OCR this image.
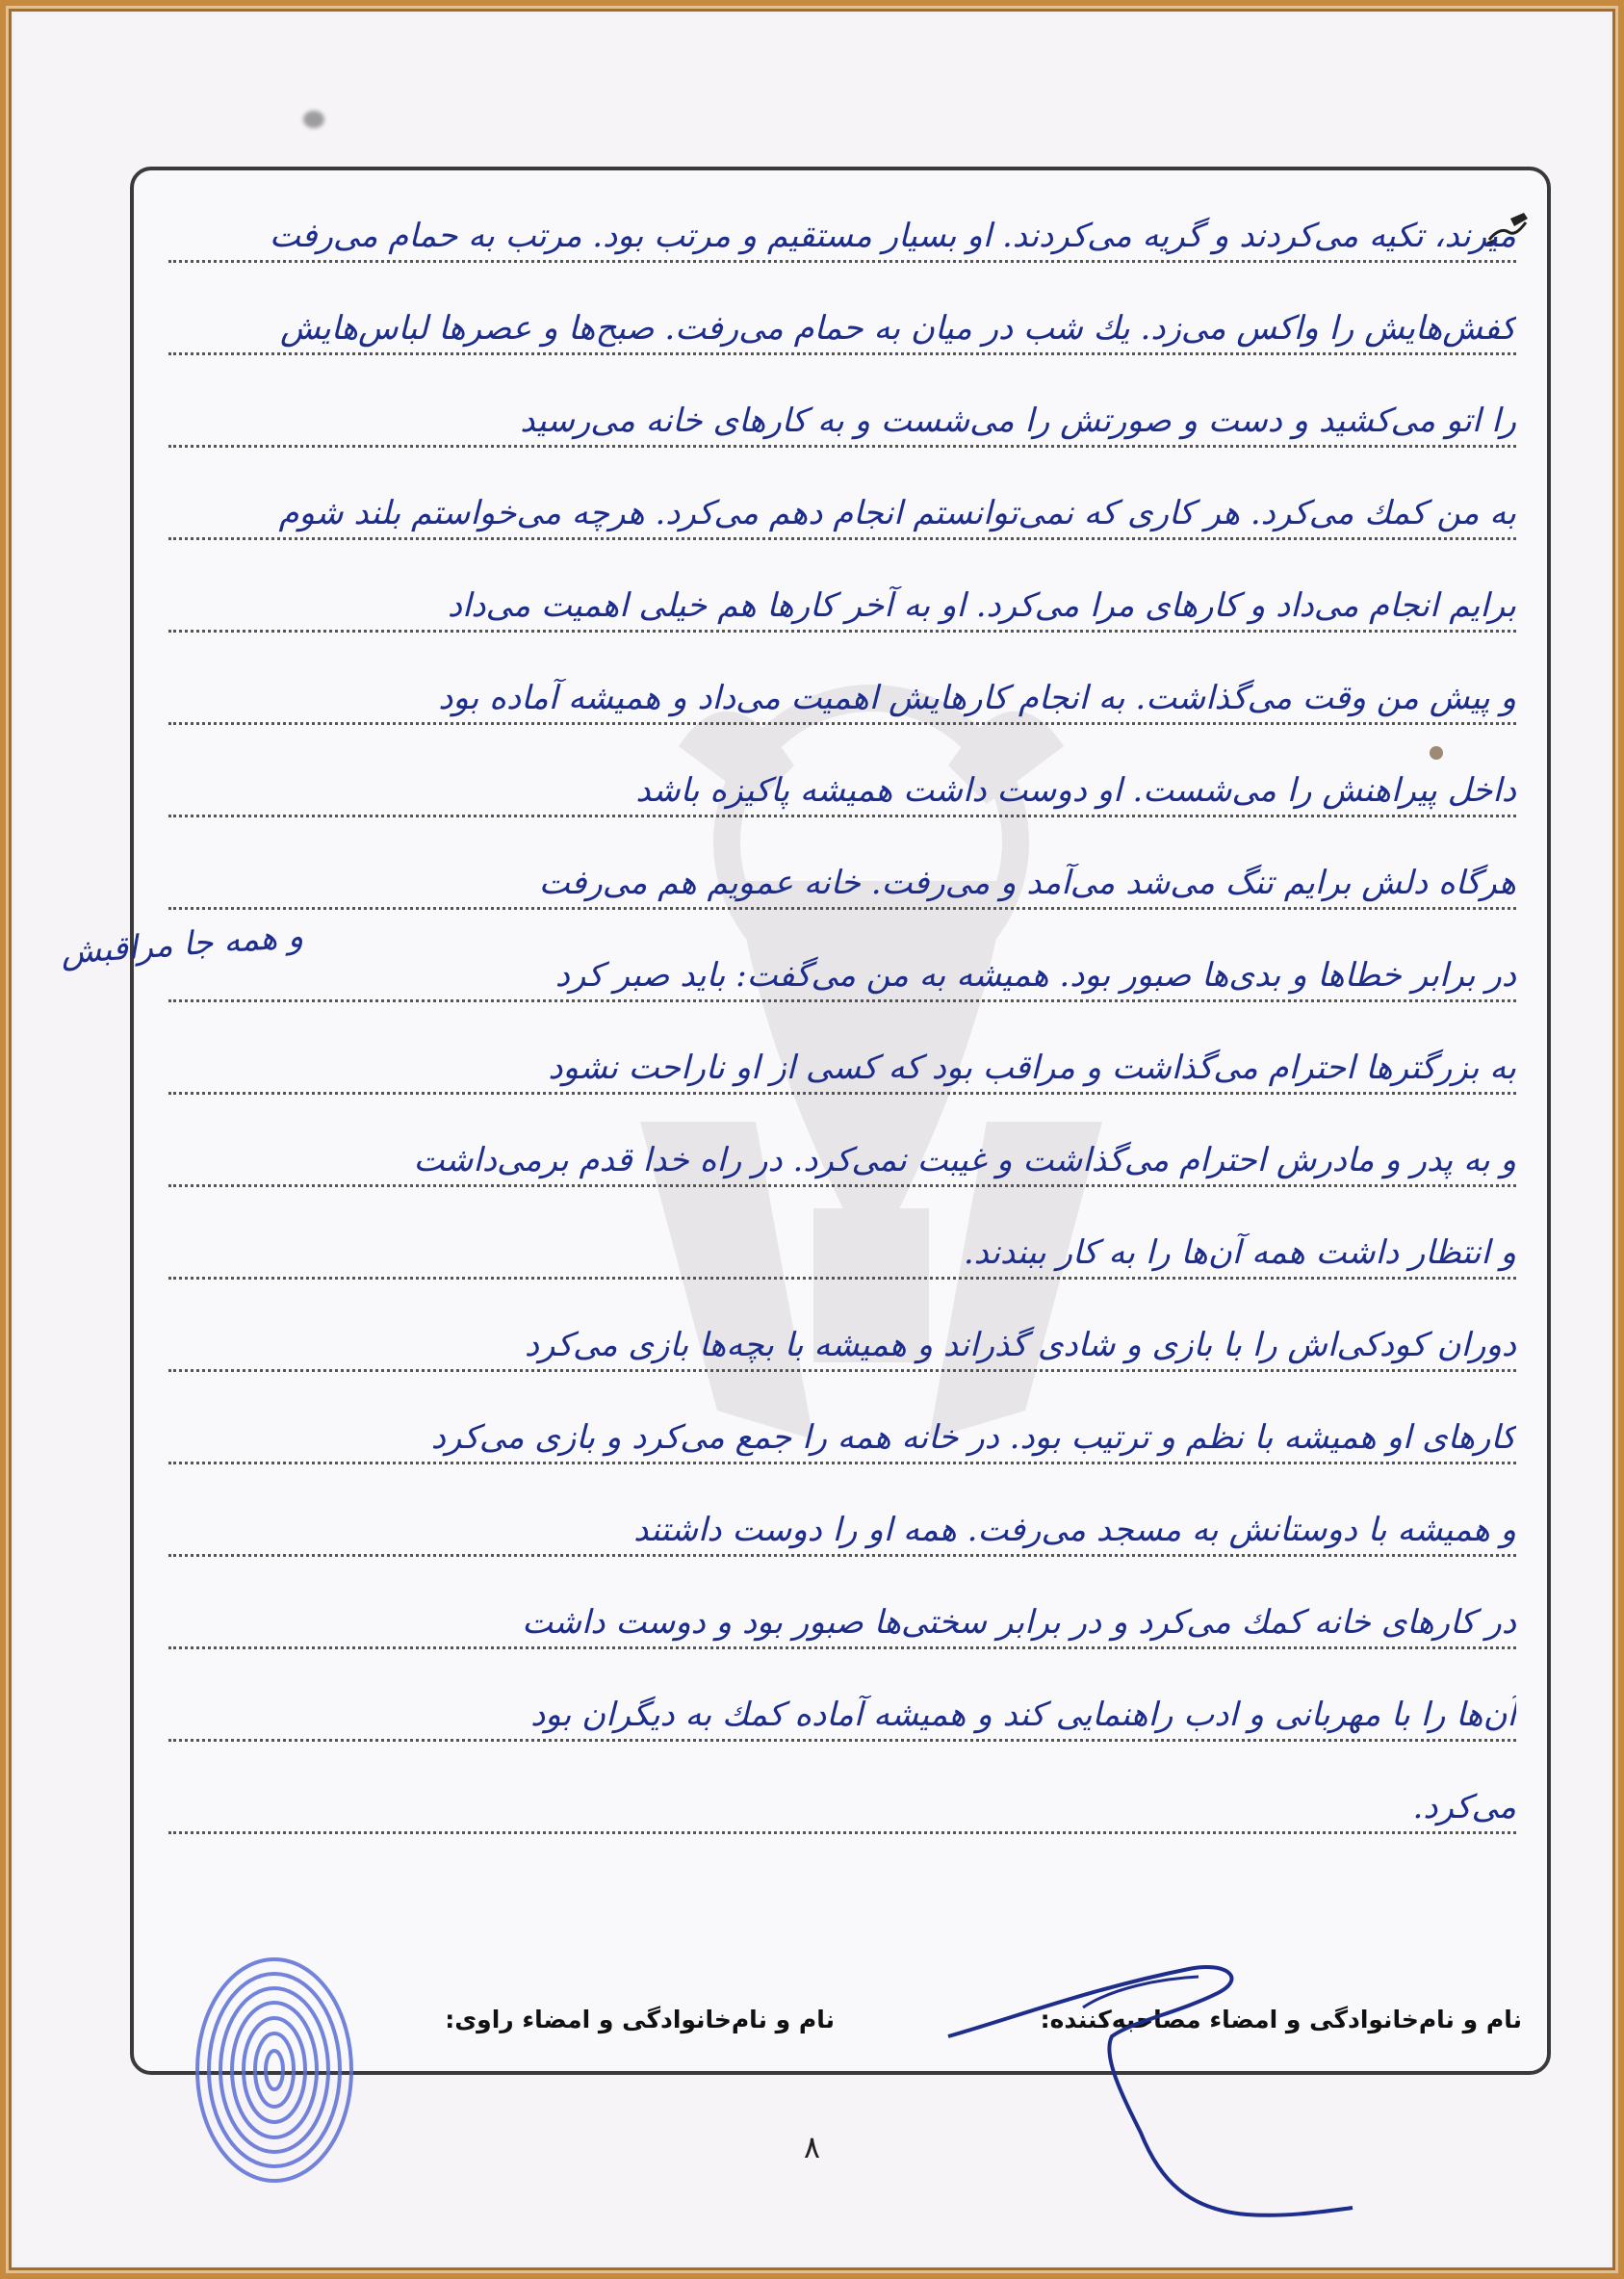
ميرند، تكيه مى‌كردند و گريه مى‌كردند. او بسيار مستقيم و مرتب بود. مرتب به حمام مى‌رفت
كفش‌هايش را واكس مى‌زد. يك شب در ميان به حمام مى‌رفت. صبح‌ها و عصرها لباس‌هايش
را اتو مى‌كشيد و دست و صورتش را مى‌شست و به كارهاى خانه مى‌رسيد
به من كمك مى‌كرد. هر كارى كه نمى‌توانستم انجام دهم مى‌كرد. هرچه مى‌خواستم بلند شوم
برايم انجام مى‌داد و كارهاى مرا مى‌كرد. او به آخر كارها هم خيلى اهميت مى‌داد
و پيش من وقت مى‌گذاشت. به انجام كارهايش اهميت مى‌داد و هميشه آماده بود
داخل پيراهنش را مى‌شست. او دوست داشت هميشه پاكيزه باشد
هرگاه دلش برايم تنگ مى‌شد مى‌آمد و مى‌رفت. خانه عمويم هم مى‌رفت
در برابر خطاها و بدى‌ها صبور بود. هميشه به من مى‌گفت: بايد صبر كرد
به بزرگترها احترام مى‌گذاشت و مراقب بود كه كسى از او ناراحت نشود
و به پدر و مادرش احترام مى‌گذاشت و غيبت نمى‌كرد. در راه خدا قدم برمى‌داشت
و انتظار داشت همه آن‌ها را به كار ببندند.
دوران كودكى‌اش را با بازى و شادى گذراند و هميشه با بچه‌ها بازى مى‌كرد
كارهاى او هميشه با نظم و ترتيب بود. در خانه همه را جمع مى‌كرد و بازى مى‌كرد
و هميشه با دوستانش به مسجد مى‌رفت. همه او را دوست داشتند
در كارهاى خانه كمك مى‌كرد و در برابر سختى‌ها صبور بود و دوست داشت
آن‌ها را با مهربانى و ادب راهنمايى كند و هميشه آماده كمك به ديگران بود
مى‌كرد.
نام و نام‌خانوادگی و امضاء مصاحبه‌کننده:
نام و نام‌خانوادگی و امضاء راوی:
و همه جا مراقبش
۸
